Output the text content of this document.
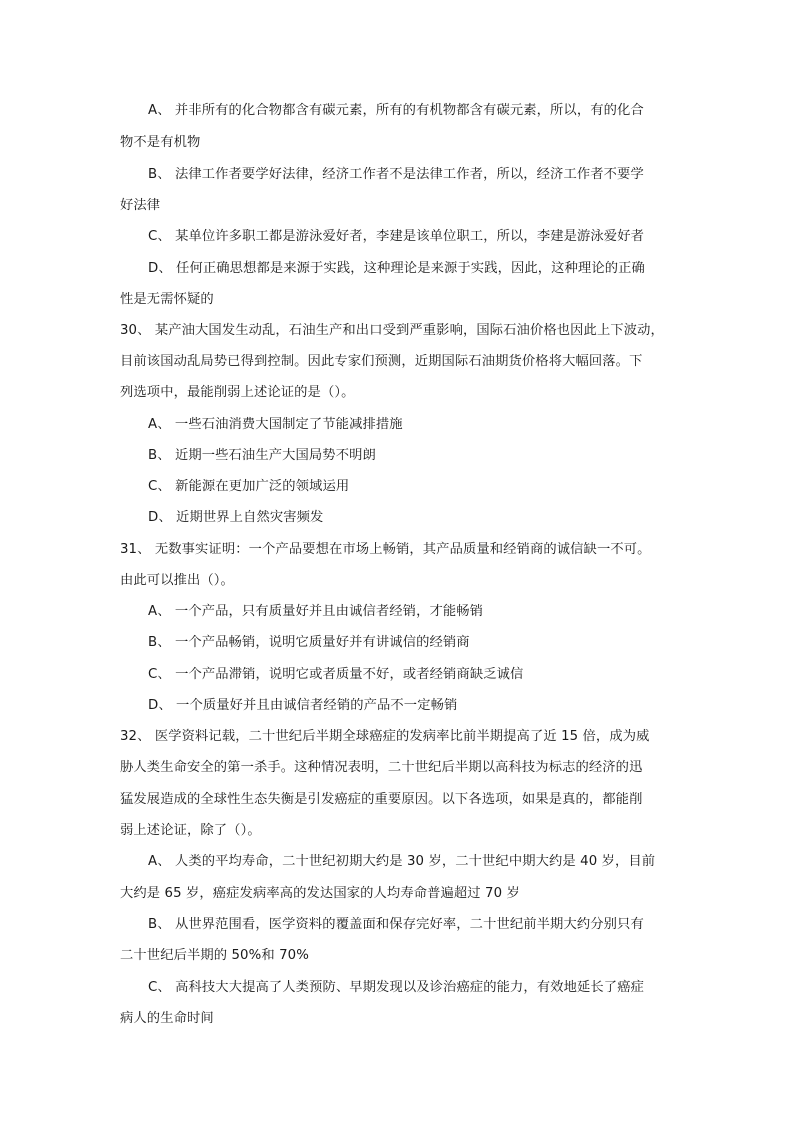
A、 并非所有的化合物都含有碳元素，所有的有机物都含有碳元素，所以，有的化合

物不是有机物

B、 法律工作者要学好法律，经济工作者不是法律工作者，所以，经济工作者不要学

好法律

C、 某单位许多职工都是游泳爱好者，李建是该单位职工，所以，李建是游泳爱好者

D、 任何正确思想都是来源于实践，这种理论是来源于实践，因此，这种理论的正确

性是无需怀疑的

30、 某产油大国发生动乱，石油生产和出口受到严重影响，国际石油价格也因此上下波动，

目前该国动乱局势已得到控制。因此专家们预测，近期国际石油期货价格将大幅回落。下

列选项中，最能削弱上述论证的是（）。

A、 一些石油消费大国制定了节能减排措施

B、 近期一些石油生产大国局势不明朗

C、 新能源在更加广泛的领域运用

D、 近期世界上自然灾害频发

31、 无数事实证明：一个产品要想在市场上畅销，其产品质量和经销商的诚信缺一不可。

由此可以推出（）。

A、 一个产品，只有质量好并且由诚信者经销，才能畅销

B、 一个产品畅销，说明它质量好并有讲诚信的经销商

C、 一个产品滞销，说明它或者质量不好，或者经销商缺乏诚信

D、 一个质量好并且由诚信者经销的产品不一定畅销

32、 医学资料记载，二十世纪后半期全球癌症的发病率比前半期提高了近 15 倍，成为威

胁人类生命安全的第一杀手。这种情况表明，二十世纪后半期以高科技为标志的经济的迅

猛发展造成的全球性生态失衡是引发癌症的重要原因。以下各选项，如果是真的，都能削

弱上述论证，除了（）。

A、 人类的平均寿命，二十世纪初期大约是 30 岁，二十世纪中期大约是 40 岁，目前

大约是 65 岁，癌症发病率高的发达国家的人均寿命普遍超过 70 岁

B、 从世界范围看，医学资料的覆盖面和保存完好率，二十世纪前半期大约分别只有

二十世纪后半期的 50%和 70%

C、 高科技大大提高了人类预防、早期发现以及诊治癌症的能力，有效地延长了癌症

病人的生命时间
